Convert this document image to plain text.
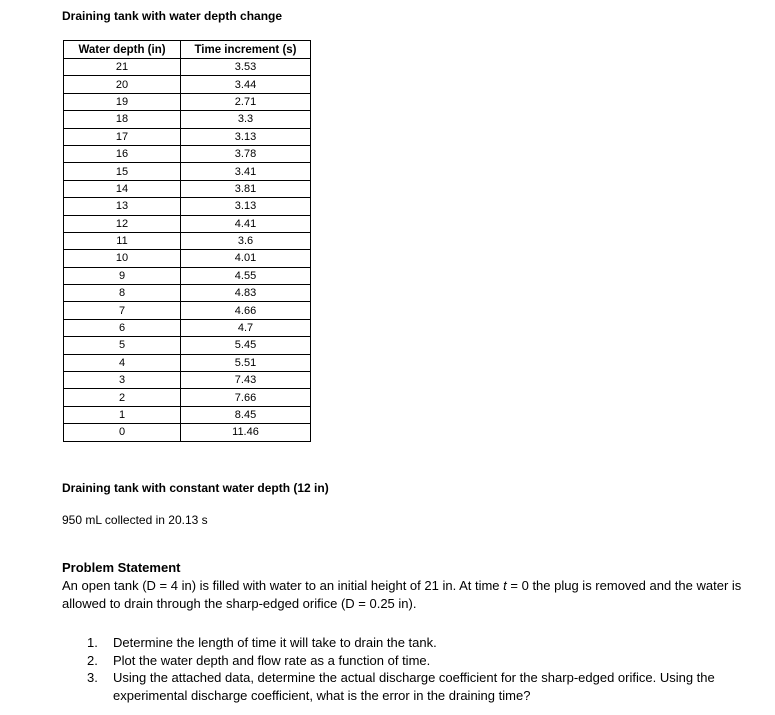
Draining tank with water depth change
Water depth (in)	Time increment (s)
21	3.53
20	3.44
19	2.71
18	3.3
17	3.13
16	3.78
15	3.41
14	3.81
13	3.13
12	4.41
11	3.6
10	4.01
9	4.55
8	4.83
7	4.66
6	4.7
5	5.45
4	5.51
3	7.43
2	7.66
1	8.45
0	11.46
Draining tank with constant water depth (12 in)
950 mL collected in 20.13 s
Problem Statement
An open tank (D = 4 in) is filled with water to an initial height of 21 in. At time t = 0 the plug is removed and the water is allowed to drain through the sharp-edged orifice (D = 0.25 in).
1. Determine the length of time it will take to drain the tank.
2. Plot the water depth and flow rate as a function of time.
3. Using the attached data, determine the actual discharge coefficient for the sharp-edged orifice. Using the experimental discharge coefficient, what is the error in the draining time?
